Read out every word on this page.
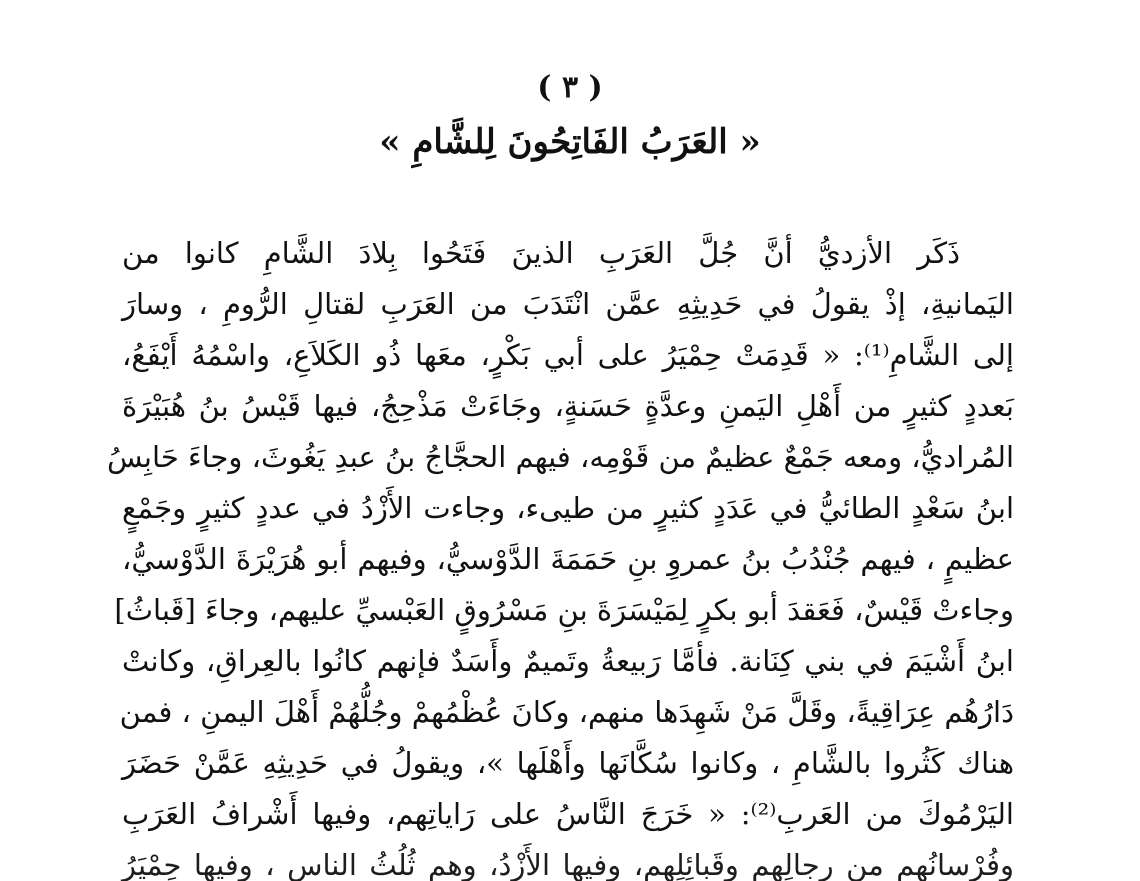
( ٣ )
« العَرَبُ الفَاتِحُونَ لِلشَّامِ »
ذَكَر الأزديُّ أنَّ جُلَّ العَرَبِ الذينَ فَتَحُوا بِلادَ الشَّامِ كانوا من
اليَمانيةِ، إذْ يقولُ في حَدِيثِهِ عمَّن انْتَدَبَ من العَرَبِ لقتالِ الرُّومِ ، وسارَ
إلى الشَّامِ⁽¹⁾: « قَدِمَتْ حِمْيَرُ على أبي بَكْرٍ، معَها ذُو الكَلاَعِ، واسْمُهُ أَيْفَعُ،
بَعددٍ كثيرٍ من أَهْلِ اليَمنِ وعدَّةٍ حَسَنةٍ، وجَاءَتْ مَذْحِجُ، فيها قَيْسُ بنُ هُبَيْرَةَ
المُراديُّ، ومعه جَمْعٌ عظيمٌ من قَوْمِه، فيهم الحجَّاجُ بنُ عبدِ يَغُوثَ، وجاءَ حَابِسُ
ابنُ سَعْدٍ الطائيُّ في عَدَدٍ كثيرٍ من طيىء، وجاءت الأَزْدُ في عددٍ كثيرٍ وجَمْعٍ
عظيمٍ ، فيهم جُنْدُبُ بنُ عمروِ بنِ حَمَمَةَ الدَّوْسيُّ، وفيهم أبو هُرَيْرَةَ الدَّوْسيُّ،
وجاءتْ قَيْسٌ، فَعَقدَ أبو بكرٍ لِمَيْسَرَةَ بنِ مَسْرُوقٍ العَبْسيِّ عليهم، وجاءَ [قَباثُ]
ابنُ أَشْيَمَ في بني كِنَانة. فأمَّا رَبيعةُ وتَميمٌ وأَسَدٌ فإنهم كانُوا بالعِراقِ، وكانتْ
دَارُهُم عِرَاقِيةً، وقَلَّ مَنْ شَهِدَها منهم، وكانَ عُظْمُهمْ وجُلُّهُمْ أَهْلَ اليمنِ ، فمن
هناك كَثُروا بالشَّامِ ، وكانوا سُكَّانَها وأَهْلَها »، ويقولُ في حَدِيثِهِ عَمَّنْ حَضَرَ
اليَرْمُوكَ من العَربِ⁽²⁾: « خَرَجَ النَّاسُ على رَاياتِهم، وفيها أَشْرافُ العَرَبِ
وفُرْسانُهم من رِجالِهم وقَبائِلِهم، وفيها الأَزْدُ، وهم ثُلُثُ الناسِ ، وفيها حِمْيَرُ
